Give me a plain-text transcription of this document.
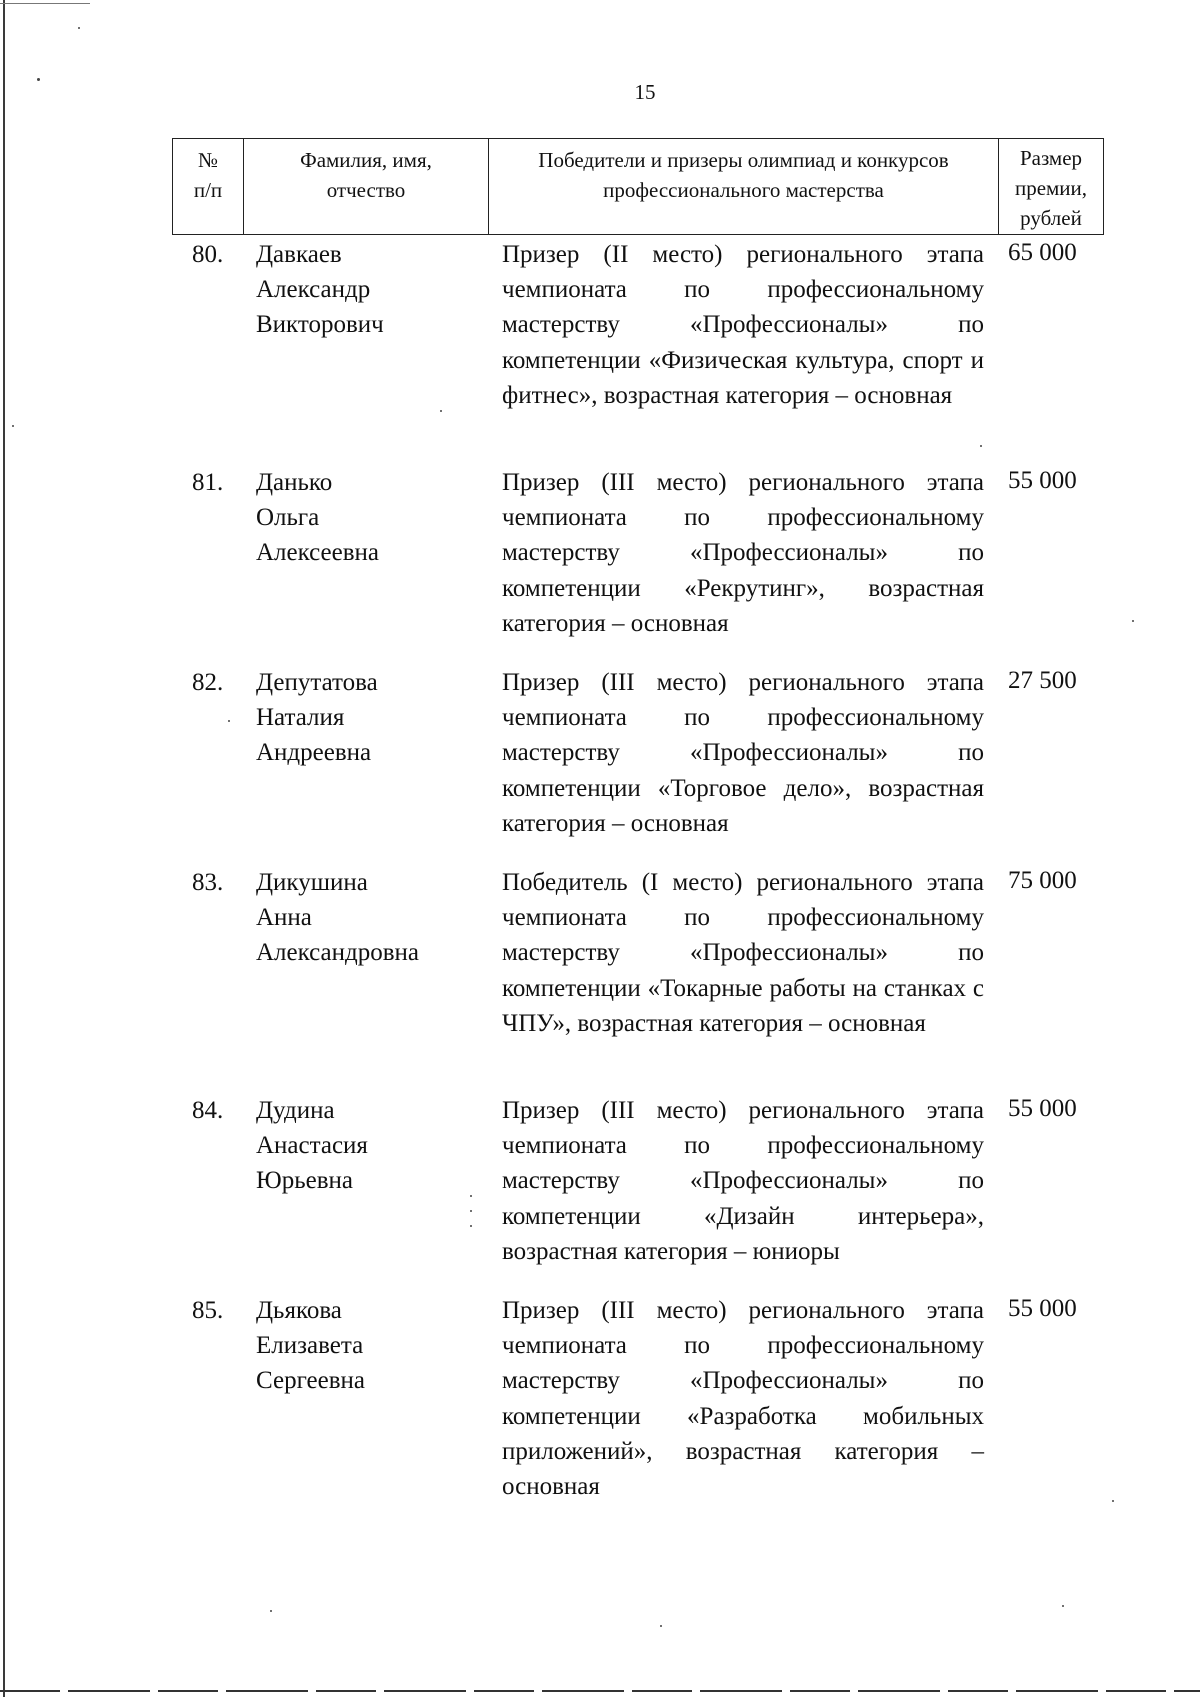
15
№ п/п
Фамилия, имя, отчество
Победители и призеры олимпиад и конкурсов профессионального мастерства
Размер премии, рублей
80. Давкаев
Александр
Викторович
Призер (II место) регионального этапа чемпионата по профессиональному мастерству «Профессионалы» по компетенции «Физическая культура, спорт и фитнес», возрастная категория – основная
65 000
81. Данько
Ольга
Алексеевна
Призер (III место) регионального этапа чемпионата по профессиональному мастерству «Профессионалы» по компетенции «Рекрутинг», возрастная категория – основная
55 000
82. Депутатова
Наталия
Андреевна
Призер (III место) регионального этапа чемпионата по профессиональному мастерству «Профессионалы» по компетенции «Торговое дело», возрастная категория – основная
27 500
83. Дикушина
Анна
Александровна
Победитель (I место) регионального этапа чемпионата по профессиональному мастерству «Профессионалы» по компетенции «Токарные работы на станках с ЧПУ», возрастная категория – основная
75 000
84. Дудина
Анастасия
Юрьевна
Призер (III место) регионального этапа чемпионата по профессиональному мастерству «Профессионалы» по компетенции «Дизайн интерьера», возрастная категория – юниоры
55 000
85. Дьякова
Елизавета
Сергеевна
Призер (III место) регионального этапа чемпионата по профессиональному мастерству «Профессионалы» по компетенции «Разработка мобильных приложений», возрастная категория – основная
55 000
